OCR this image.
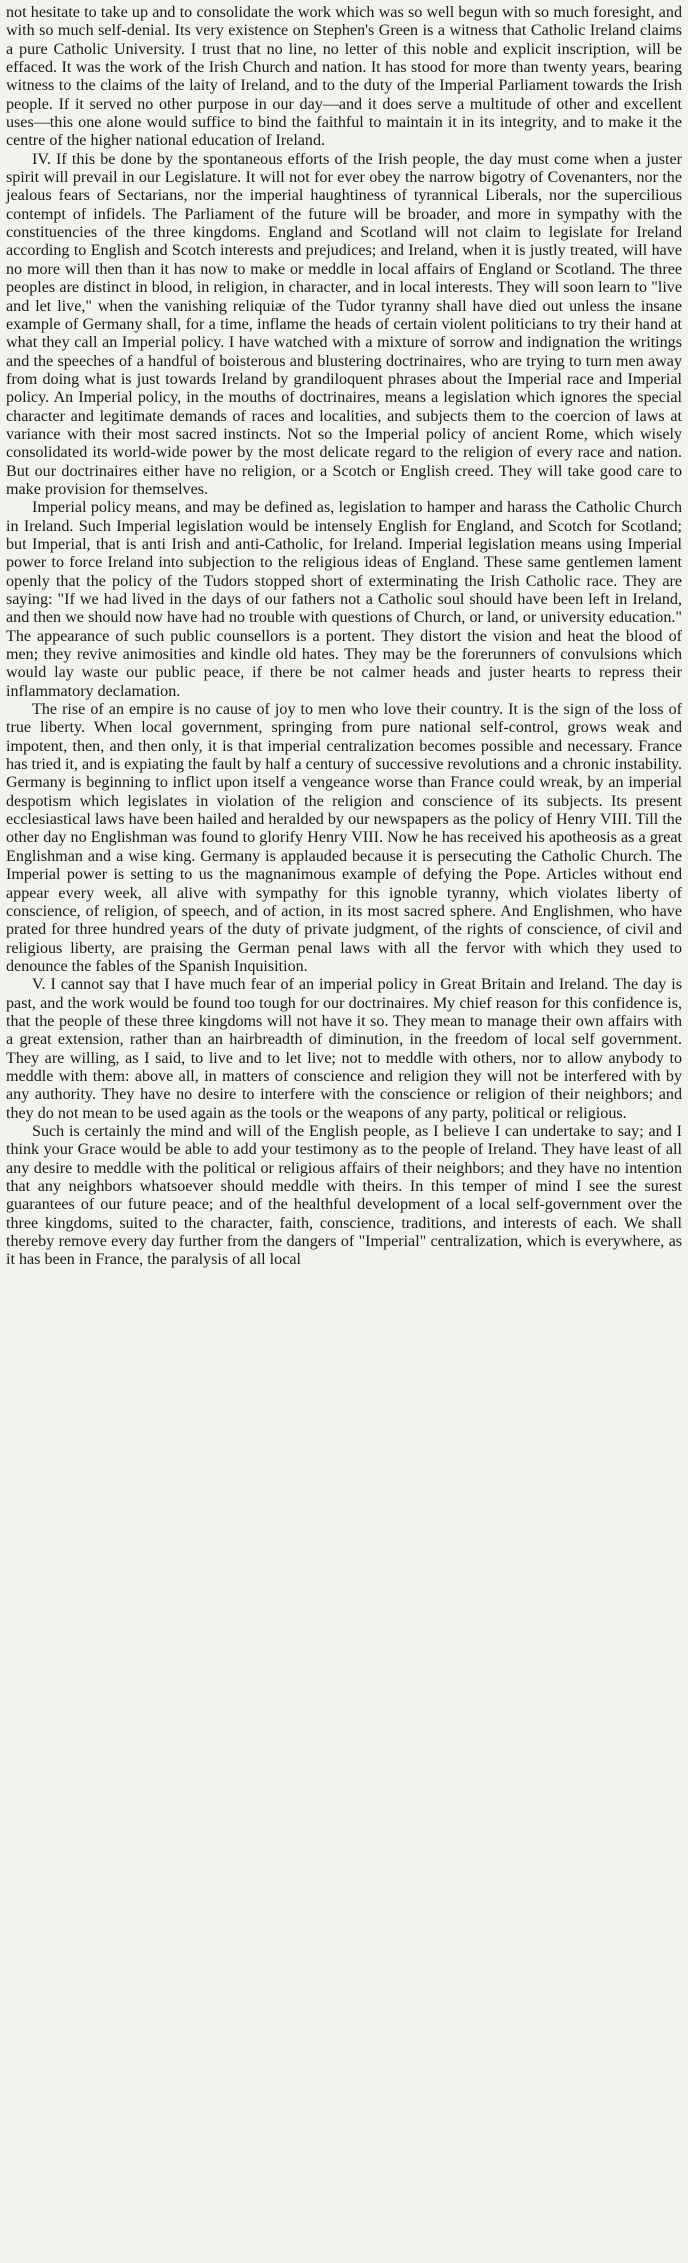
not hesitate to take up and to consolidate the work which was so well begun with so much foresight, and with so much self-denial. Its very existence on Stephen's Green is a witness that Catholic Ireland claims a pure Catholic University. I trust that no line, no letter of this noble and explicit inscription, will be effaced. It was the work of the Irish Church and nation. It has stood for more than twenty years, bearing witness to the claims of the laity of Ireland, and to the duty of the Imperial Parliament towards the Irish people. If it served no other purpose in our day—and it does serve a multitude of other and excellent uses—this one alone would suffice to bind the faithful to maintain it in its integrity, and to make it the centre of the higher national education of Ireland.

IV. If this be done by the spontaneous efforts of the Irish people, the day must come when a juster spirit will prevail in our Legislature. It will not for ever obey the narrow bigotry of Covenanters, nor the jealous fears of Sectarians, nor the imperial haughtiness of tyrannical Liberals, nor the supercilious contempt of infidels. The Parliament of the future will be broader, and more in sympathy with the constituencies of the three kingdoms. England and Scotland will not claim to legislate for Ireland according to English and Scotch interests and prejudices; and Ireland, when it is justly treated, will have no more will then than it has now to make or meddle in local affairs of England or Scotland. The three peoples are distinct in blood, in religion, in character, and in local interests. They will soon learn to "live and let live," when the vanishing reliquiæ of the Tudor tyranny shall have died out unless the insane example of Germany shall, for a time, inflame the heads of certain violent politicians to try their hand at what they call an Imperial policy. I have watched with a mixture of sorrow and indignation the writings and the speeches of a handful of boisterous and blustering doctrinaires, who are trying to turn men away from doing what is just towards Ireland by grandiloquent phrases about the Imperial race and Imperial policy. An Imperial policy, in the mouths of doctrinaires, means a legislation which ignores the special character and legitimate demands of races and localities, and subjects them to the coercion of laws at variance with their most sacred instincts. Not so the Imperial policy of ancient Rome, which wisely consolidated its world-wide power by the most delicate regard to the religion of every race and nation. But our doctrinaires either have no religion, or a Scotch or English creed. They will take good care to make provision for themselves.

Imperial policy means, and may be defined as, legislation to hamper and harass the Catholic Church in Ireland. Such Imperial legislation would be intensely English for England, and Scotch for Scotland; but Imperial, that is anti Irish and anti-Catholic, for Ireland. Imperial legislation means using Imperial power to force Ireland into subjection to the religious ideas of England. These same gentlemen lament openly that the policy of the Tudors stopped short of exterminating the Irish Catholic race. They are saying: "If we had lived in the days of our fathers not a Catholic soul should have been left in Ireland, and then we should now have had no trouble with questions of Church, or land, or university education." The appearance of such public counsellors is a portent. They distort the vision and heat the blood of men; they revive animosities and kindle old hates. They may be the forerunners of convulsions which would lay waste our public peace, if there be not calmer heads and juster hearts to repress their inflammatory declamation.

The rise of an empire is no cause of joy to men who love their country. It is the sign of the loss of true liberty. When local government, springing from pure national self-control, grows weak and impotent, then, and then only, it is that imperial centralization becomes possible and necessary. France has tried it, and is expiating the fault by half a century of successive revolutions and a chronic instability. Germany is beginning to inflict upon itself a vengeance worse than France could wreak, by an imperial despotism which legislates in violation of the religion and conscience of its subjects. Its present ecclesiastical laws have been hailed and heralded by our newspapers as the policy of Henry VIII. Till the other day no Englishman was found to glorify Henry VIII. Now he has received his apotheosis as a great Englishman and a wise king. Germany is applauded because it is persecuting the Catholic Church. The Imperial power is setting to us the magnanimous example of defying the Pope. Articles without end appear every week, all alive with sympathy for this ignoble tyranny, which violates liberty of conscience, of religion, of speech, and of action, in its most sacred sphere. And Englishmen, who have prated for three hundred years of the duty of private judgment, of the rights of conscience, of civil and religious liberty, are praising the German penal laws with all the fervor with which they used to denounce the fables of the Spanish Inquisition.

V. I cannot say that I have much fear of an imperial policy in Great Britain and Ireland. The day is past, and the work would be found too tough for our doctrinaires. My chief reason for this confidence is, that the people of these three kingdoms will not have it so. They mean to manage their own affairs with a great extension, rather than an hairbreadth of diminution, in the freedom of local self government. They are willing, as I said, to live and to let live; not to meddle with others, nor to allow anybody to meddle with them: above all, in matters of conscience and religion they will not be interfered with by any authority. They have no desire to interfere with the conscience or religion of their neighbors; and they do not mean to be used again as the tools or the weapons of any party, political or religious.

Such is certainly the mind and will of the English people, as I believe I can undertake to say; and I think your Grace would be able to add your testimony as to the people of Ireland. They have least of all any desire to meddle with the political or religious affairs of their neighbors; and they have no intention that any neighbors whatsoever should meddle with theirs. In this temper of mind I see the surest guarantees of our future peace; and of the healthful development of a local self-government over the three kingdoms, suited to the character, faith, conscience, traditions, and interests of each. We shall thereby remove every day further from the dangers of "Imperial" centralization, which is everywhere, as it has been in France, the paralysis of all local
